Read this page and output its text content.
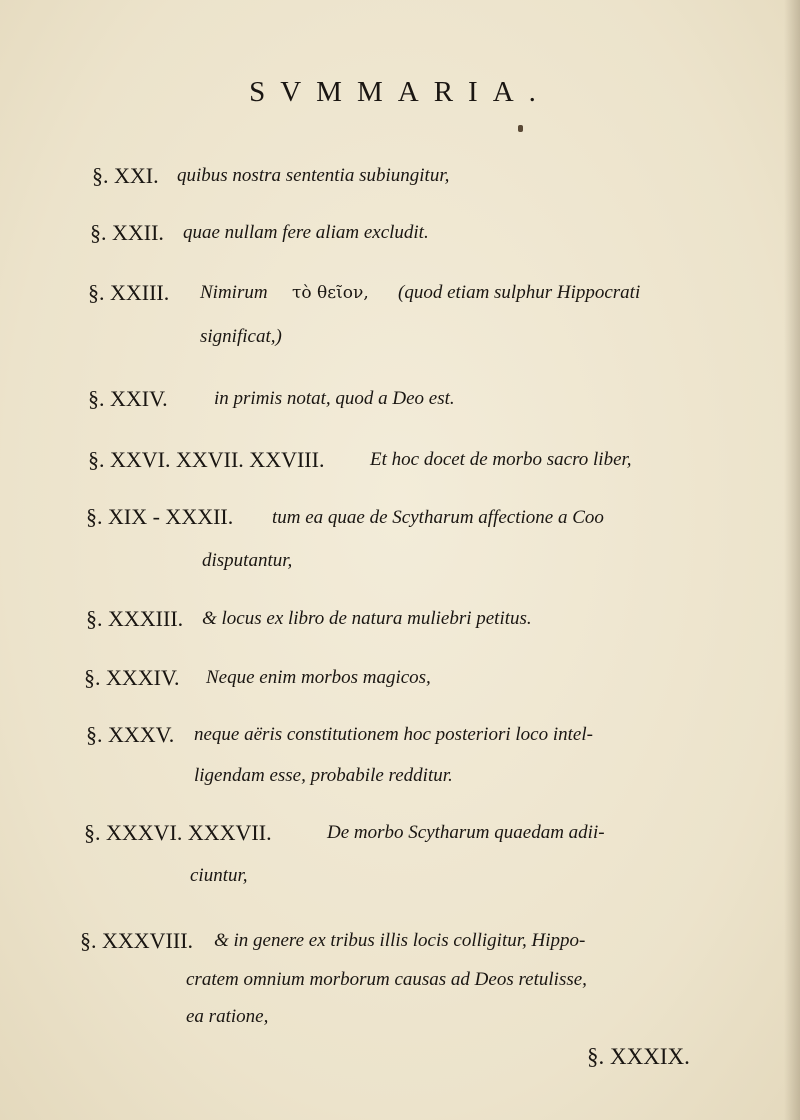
SVMMARIA.
§. XXI. quibus nostra sententia subiungitur,
§. XXII. quae nullam fere aliam excludit.
§. XXIII. Nimirum τὸ θεῖον, (quod etiam sulphur Hippocrati
significat,)
§. XXIV. in primis notat, quod a Deo est.
§. XXVI. XXVII. XXVIII. Et hoc docet de morbo sacro liber,
§. XIX - XXXII. tum ea quae de Scytharum affectione a Coo
disputantur,
§. XXXIII. & locus ex libro de natura muliebri petitus.
§. XXXIV. Neque enim morbos magicos,
§. XXXV. neque aëris constitutionem hoc posteriori loco intel-
ligendam esse, probabile redditur.
§. XXXVI. XXXVII.	De morbo Scytharum quaedam adii-
ciuntur,
§. XXXVIII. & in genere ex tribus illis locis colligitur, Hippo-
cratem omnium morborum causas ad Deos retulisse,
ea ratione,
§. XXXIX.
